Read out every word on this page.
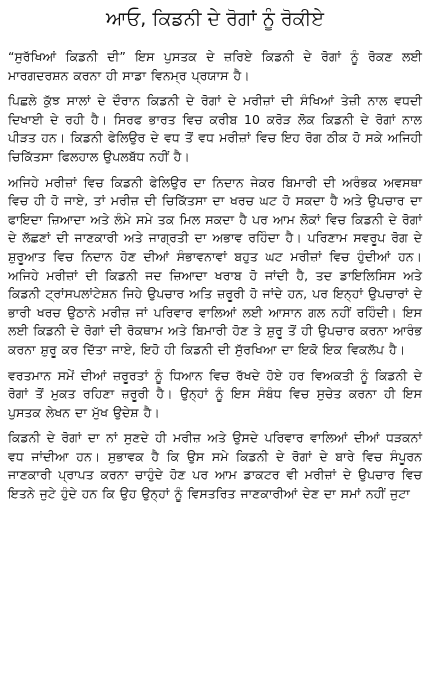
ਆਓ, ਕਿਡਨੀ ਦੇ ਰੋਗਾਂ ਨੂੰ ਰੋਕੀਏ

“ਸੁਰੱਖਿਆਂ ਕਿਡਨੀ ਦੀ” ਇਸ ਪੁਸਤਕ ਦੇ ਜ਼ਰਿਏ ਕਿਡਨੀ ਦੇ ਰੋਗਾਂ ਨੂੰ ਰੋਕਣ ਲਈ ਮਾਰਗਦਰਸ਼ਨ ਕਰਨਾ ਹੀ ਸਾਡਾ ਵਿਨਮ੍ਰ ਪ੍ਰਯਾਸ ਹੈ।

ਪਿਛਲੇ ਕੁੱਝ ਸਾਲਾਂ ਦੇ ਦੌਰਾਨ ਕਿਡਨੀ ਦੇ ਰੋਗਾਂ ਦੇ ਮਰੀਜ਼ਾਂ ਦੀ ਸੰਖਿਆਂ ਤੇਜ਼ੀ ਨਾਲ ਵਧਦੀ ਦਿਖਾਈ ਦੇ ਰਹੀ ਹੈ। ਸਿਰਫ ਭਾਰਤ ਵਿਚ ਕਰੀਬ 10 ਕਰੋੜ ਲੋਕ ਕਿਡਨੀ ਦੇ ਰੋਗਾਂ ਨਾਲ ਪੀੜਤ ਹਨ। ਕਿਡਨੀ ਫੇਲਿਉਰ ਦੇ ਵਧ ਤੋਂ ਵਧ ਮਰੀਜ਼ਾਂ ਵਿਚ ਇਹ ਰੋਗ ਠੀਕ ਹੋ ਸਕੇ ਅਜਿਹੀ ਚਿਕਿੱਤਸਾ ਫਿਲਹਾਲ ਉਪਲਬੱਧ ਨਹੀਂ ਹੈ।

ਅਜਿਹੇ ਮਰੀਜ਼ਾਂ ਵਿਚ ਕਿਡਨੀ ਫੇਲਿਉਰ ਦਾ ਨਿਦਾਨ ਜੇਕਰ ਬਿਮਾਰੀ ਦੀ ਅਰੰਭਕ ਅਵਸਥਾ ਵਿਚ ਹੀ ਹੋ ਜਾਏ, ਤਾਂ ਮਰੀਜ਼ ਦੀ ਚਿਕਿੱਤਸਾ ਦਾ ਖਰਚ ਘਟ ਹੋ ਸਕਦਾ ਹੈ ਅਤੇ ਉਪਚਾਰ ਦਾ ਫਾਇਦਾ ਜ਼ਿਆਦਾ ਅਤੇ ਲੰਮੇ ਸਮੇ ਤਕ ਮਿਲ ਸਕਦਾ ਹੈ ਪਰ ਆਮ ਲੋਕਾਂ ਵਿਚ ਕਿਡਨੀ ਦੇ ਰੋਗਾਂ ਦੇ ਲੱਛਣਾਂ ਦੀ ਜਾਣਕਾਰੀ ਅਤੇ ਜਾਗ੍ਰਤੀ ਦਾ ਅਭਾਵ ਰਹਿੰਦਾ ਹੈ। ਪਰਿਣਾਮ ਸਵਰੂਪ ਰੋਗ ਦੇ ਸ਼ੁਰੂਆਤ ਵਿਚ ਨਿਦਾਨ ਹੋਣ ਦੀਆਂ ਸੰਭਾਵਨਾਵਾਂ ਬਹੁਤ ਘਟ ਮਰੀਜ਼ਾਂ ਵਿਚ ਹੁੰਦੀਆਂ ਹਨ। ਅਜਿਹੇ ਮਰੀਜ਼ਾਂ ਦੀ ਕਿਡਨੀ ਜਦ ਜ਼ਿਆਦਾ ਖਰਾਬ ਹੋ ਜਾਂਦੀ ਹੈ, ਤਦ ਡਾਇਲਿਸਿਸ ਅਤੇ ਕਿਡਨੀ ਟ੍ਰਾਂਸਪਲਾਂਟੇਸ਼ਨ ਜਿਹੇ ਉਪਚਾਰ ਅਤਿ ਜ਼ਰੂਰੀ ਹੋ ਜਾਂਦੇ ਹਨ, ਪਰ ਇਨ੍ਹਾਂ ਉਪਚਾਰਾਂ ਦੇ ਭਾਰੀ ਖਰਚ ਉਠਾਨੇ ਮਰੀਜ਼ ਜਾਂ ਪਰਿਵਾਰ ਵਾਲਿਆਂ ਲਈ ਆਸਾਨ ਗਲ ਨਹੀਂ ਰਹਿੰਦੀ। ਇਸ ਲਈ ਕਿਡਨੀ ਦੇ ਰੋਗਾਂ ਦੀ ਰੋਕਥਾਮ ਅਤੇ ਬਿਮਾਰੀ ਹੋਣ ਤੇ ਸ਼ੁਰੂ ਤੋਂ ਹੀ ਉਪਚਾਰ ਕਰਨਾ ਆਰੰਭ ਕਰਨਾ ਸ਼ੁਰੂ ਕਰ ਦਿੱਤਾ ਜਾਏ, ਇਹੋ ਹੀ ਕਿਡਨੀ ਦੀ ਸੁੱਰਖਿਆ ਦਾ ਇਕੋ ਇਕ ਵਿਕਲੱਪ ਹੈ।

ਵਰਤਮਾਨ ਸਮੇਂ ਦੀਆਂ ਜ਼ਰੂਰਤਾਂ ਨੂੰ ਧਿਆਨ ਵਿਚ ਰੱਖਦੇ ਹੋਏ ਹਰ ਵਿਅਕਤੀ ਨੂੰ ਕਿਡਨੀ ਦੇ ਰੋਗਾਂ ਤੋਂ ਮੁਕਤ ਰਹਿਣਾ ਜ਼ਰੂਰੀ ਹੈ। ਉਨ੍ਹਾਂ ਨੂੰ ਇਸ ਸੰਬੰਧ ਵਿਚ ਸੁਚੇਤ ਕਰਨਾ ਹੀ ਇਸ ਪੁਸਤਕ ਲੇਖਨ ਦਾ ਮੁੱਖ ਉਦੇਸ਼ ਹੈ।

ਕਿਡਨੀ ਦੇ ਰੋਗਾਂ ਦਾ ਨਾਂ ਸੁਣਦੇ ਹੀ ਮਰੀਜ਼ ਅਤੇ ਉਸਦੇ ਪਰਿਵਾਰ ਵਾਲਿਆਂ ਦੀਆਂ ਧੜਕਨਾਂ ਵਧ ਜਾਂਦੀਆ ਹਨ। ਸੁਭਾਵਕ ਹੈ ਕਿ ਉਸ ਸਮੇ ਕਿਡਨੀ ਦੇ ਰੋਗਾਂ ਦੇ ਬਾਰੇ ਵਿਚ ਸੰਪੂਰਨ ਜਾਣਕਾਰੀ ਪ੍ਰਾਪਤ ਕਰਨਾ ਚਾਹੁੰਦੇ ਹੋਣ ਪਰ ਆਮ ਡਾਕਟਰ ਵੀ ਮਰੀਜ਼ਾਂ ਦੇ ਉਪਚਾਰ ਵਿਚ ਇਤਨੇ ਜੁਟੇ ਹੁੰਦੇ ਹਨ ਕਿ ਉਹ ਉਨ੍ਹਾਂ ਨੂੰ ਵਿਸਤਰਿਤ ਜਾਣਕਾਰੀਆਂ ਦੇਣ ਦਾ ਸਮਾਂ ਨਹੀਂ ਜੁਟਾ
